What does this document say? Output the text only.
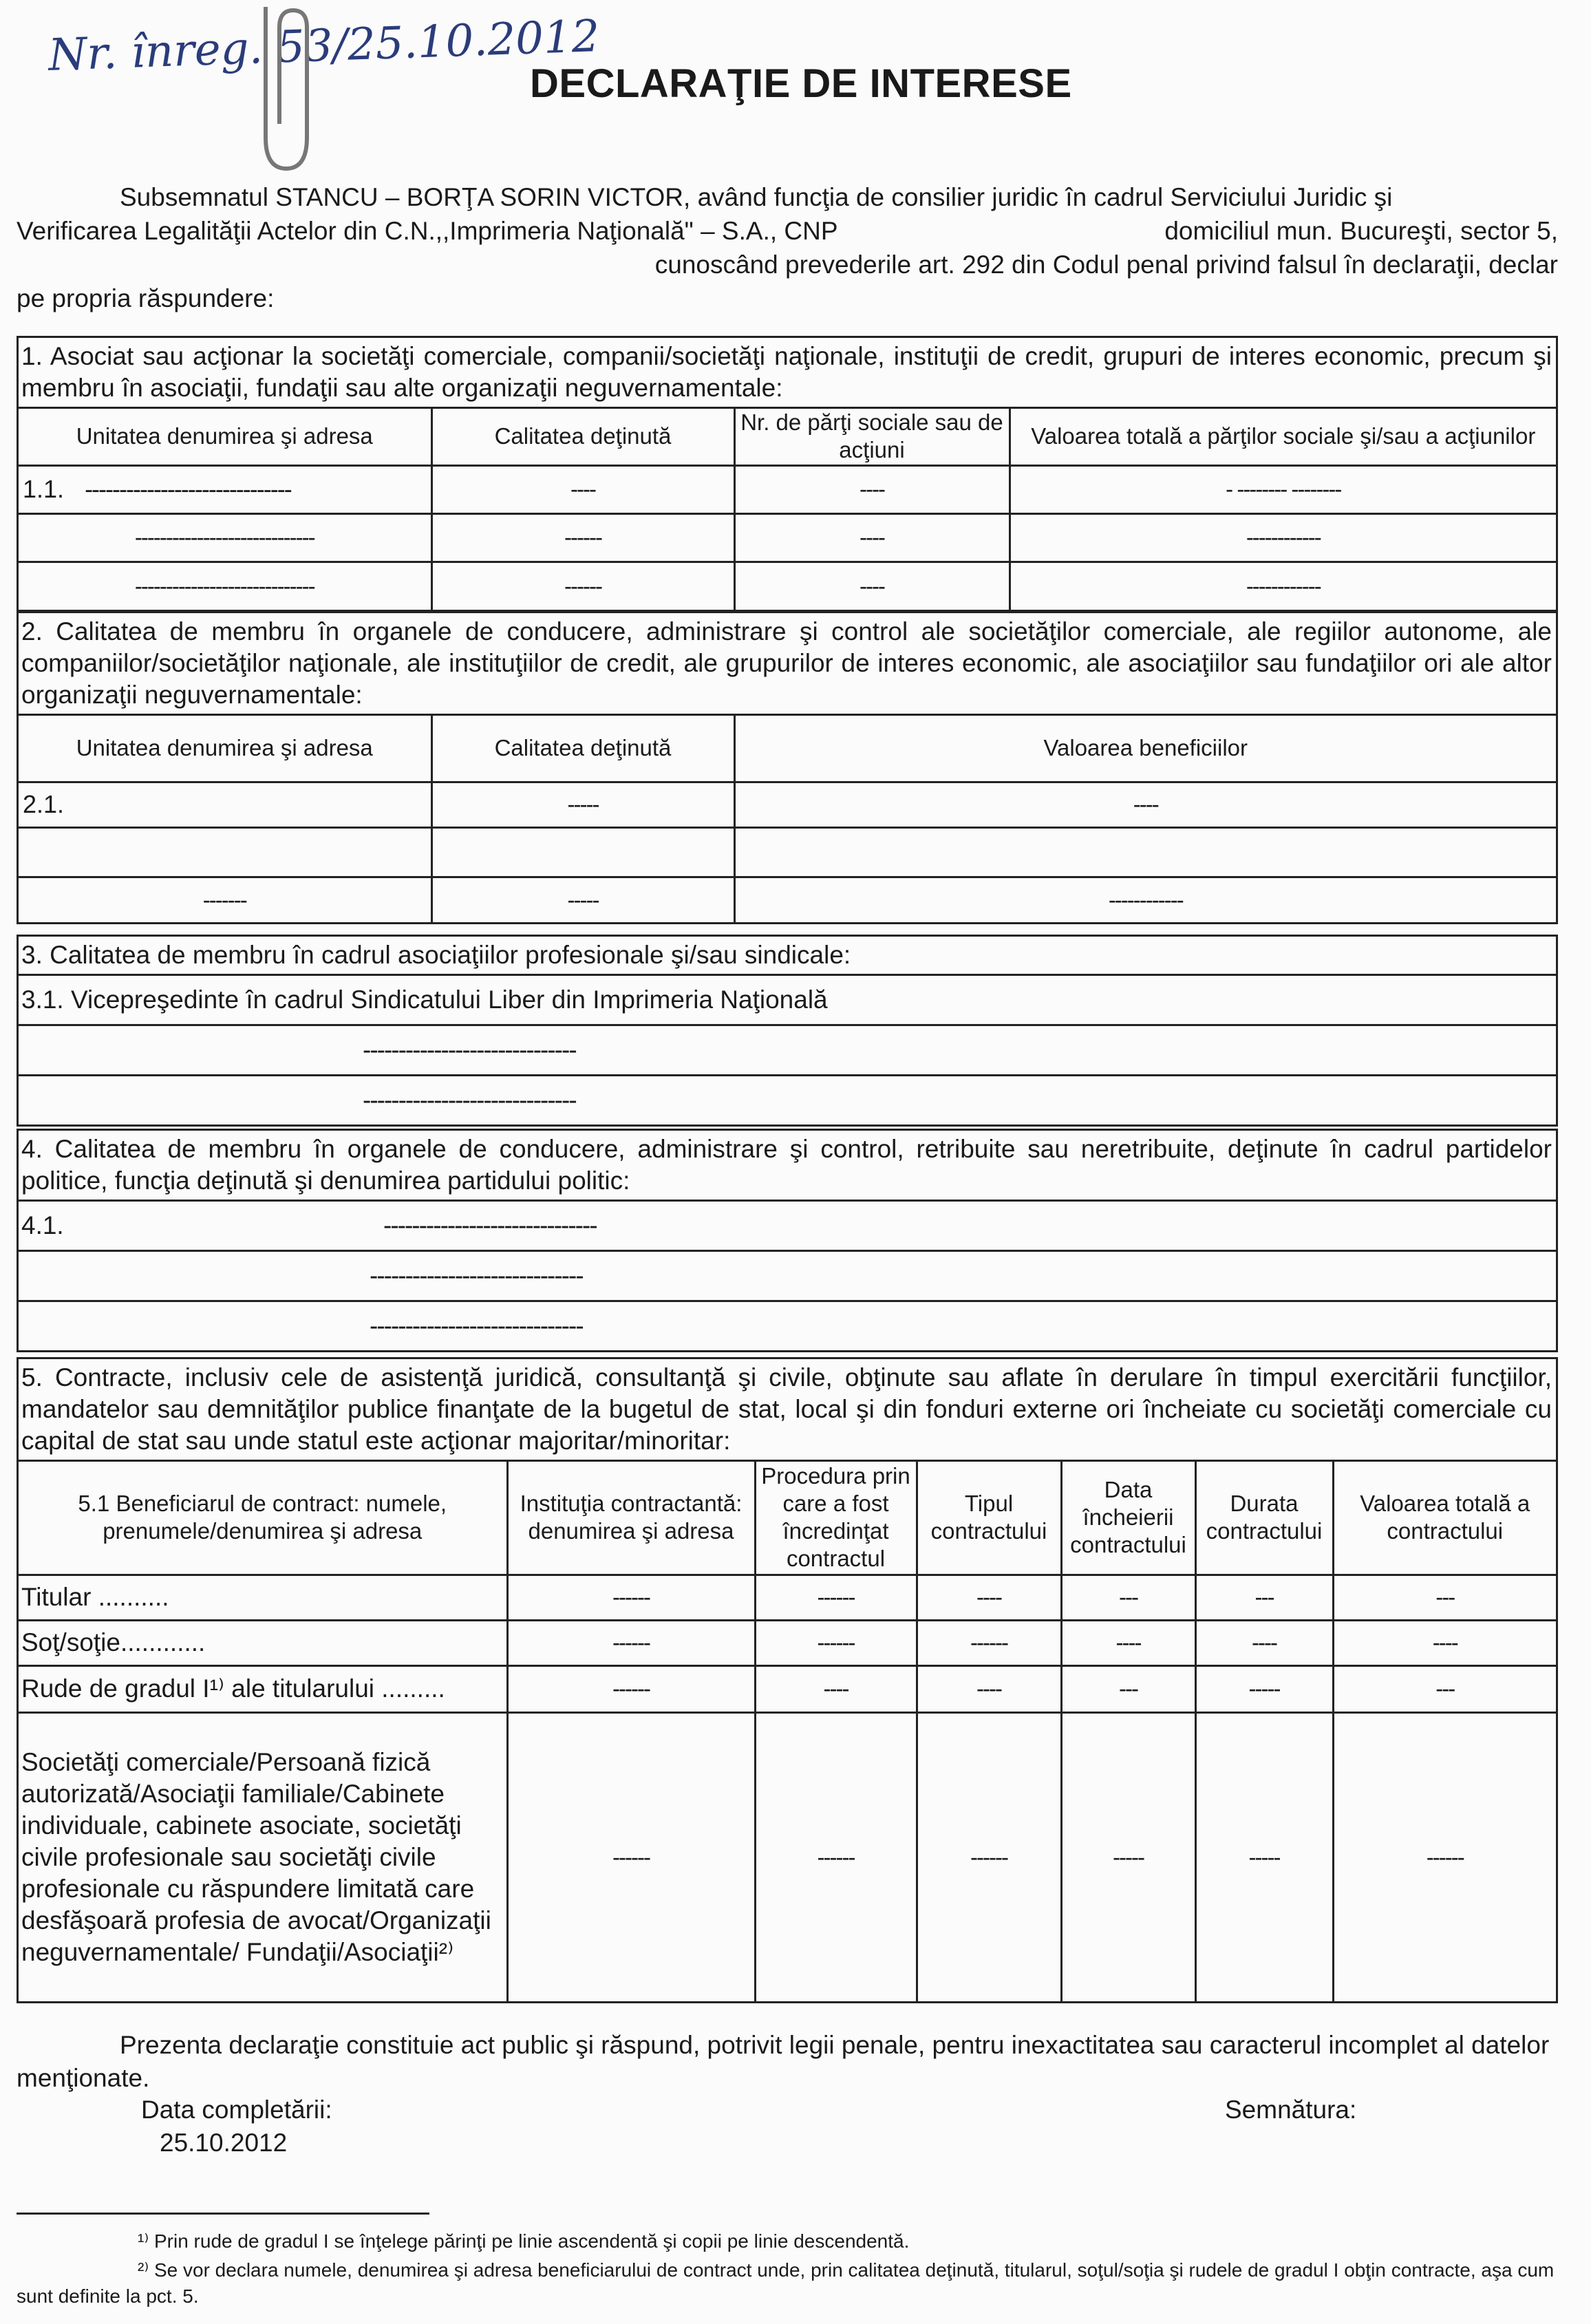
Nr. înreg. 53/25.10.2012
DECLARAŢIE DE INTERESE
Subsemnatul STANCU – BORŢA SORIN VICTOR, având funcţia de consilier juridic în cadrul Serviciului Juridic şi
Verificarea Legalităţii Actelor din C.N.,,Imprimeria Naţională" – S.A., CNP	domiciliul mun. Bucureşti, sector 5,
cunoscând prevederile art. 292 din Codul penal privind falsul în declaraţii, declar
pe propria răspundere:
1. Asociat sau acţionar la societăţi comerciale, companii/societăţi naţionale, instituţii de credit, grupuri de interes economic, precum şi membru în asociaţii, fundaţii sau alte organizaţii neguvernamentale:
Unitatea denumirea şi adresa	Calitatea deţinută	Nr. de părţi sociale sau de acţiuni	Valoarea totală a părţilor sociale şi/sau a acţiunilor
1.1. ------------------------------	----	----	- -------- --------
-----------------------------	------	----	------------
-----------------------------	------	----	------------
2. Calitatea de membru în organele de conducere, administrare şi control ale societăţilor comerciale, ale regiilor autonome, ale companiilor/societăţilor naţionale, ale instituţiilor de credit, ale grupurilor de interes economic, ale asociaţiilor sau fundaţiilor ori ale altor organizaţii neguvernamentale:
Unitatea denumirea şi adresa	Calitatea deţinută	Valoarea beneficiilor
2.1.	-----	----

-------	-----	------------
3. Calitatea de membru în cadrul asociaţiilor profesionale şi/sau sindicale:
3.1. Vicepreşedinte în cadrul Sindicatului Liber din Imprimeria Naţională
------------------------------
------------------------------
4. Calitatea de membru în organele de conducere, administrare şi control, retribuite sau neretribuite, deţinute în cadrul partidelor politice, funcţia deţinută şi denumirea partidului politic:
4.1.	------------------------------
------------------------------
------------------------------
5. Contracte, inclusiv cele de asistenţă juridică, consultanţă şi civile, obţinute sau aflate în derulare în timpul exercitării funcţiilor, mandatelor sau demnităţilor publice finanţate de la bugetul de stat, local şi din fonduri externe ori încheiate cu societăţi comerciale cu capital de stat sau unde statul este acţionar majoritar/minoritar:
5.1 Beneficiarul de contract: numele, prenumele/denumirea şi adresa	Instituţia contractantă: denumirea şi adresa	Procedura prin care a fost încredinţat contractul	Tipul contractului	Data încheierii contractului	Durata contractului	Valoarea totală a contractului
Titular ..........	------	------	----	---	---	---
Soţ/soţie............	------	------	------	----	----	----
Rude de gradul I¹⁾ ale titularului .........	------	----	----	---	-----	---
Societăţi comerciale/Persoană fizică autorizată/Asociaţii familiale/Cabinete individuale, cabinete asociate, societăţi civile profesionale sau societăţi civile profesionale cu răspundere limitată care desfăşoară profesia de avocat/Organizaţii neguvernamentale/ Fundaţii/Asociaţii²⁾	------	------	------	-----	-----	------
Prezenta declaraţie constituie act public şi răspund, potrivit legii penale, pentru inexactitatea sau caracterul incomplet al datelor menţionate.
Data completării:
25.10.2012
Semnătura:
¹⁾ Prin rude de gradul I se înţelege părinţi pe linie ascendentă şi copii pe linie descendentă.
²⁾ Se vor declara numele, denumirea şi adresa beneficiarului de contract unde, prin calitatea deţinută, titularul, soţul/soţia şi rudele de gradul I obţin contracte, aşa cum sunt definite la pct. 5.
